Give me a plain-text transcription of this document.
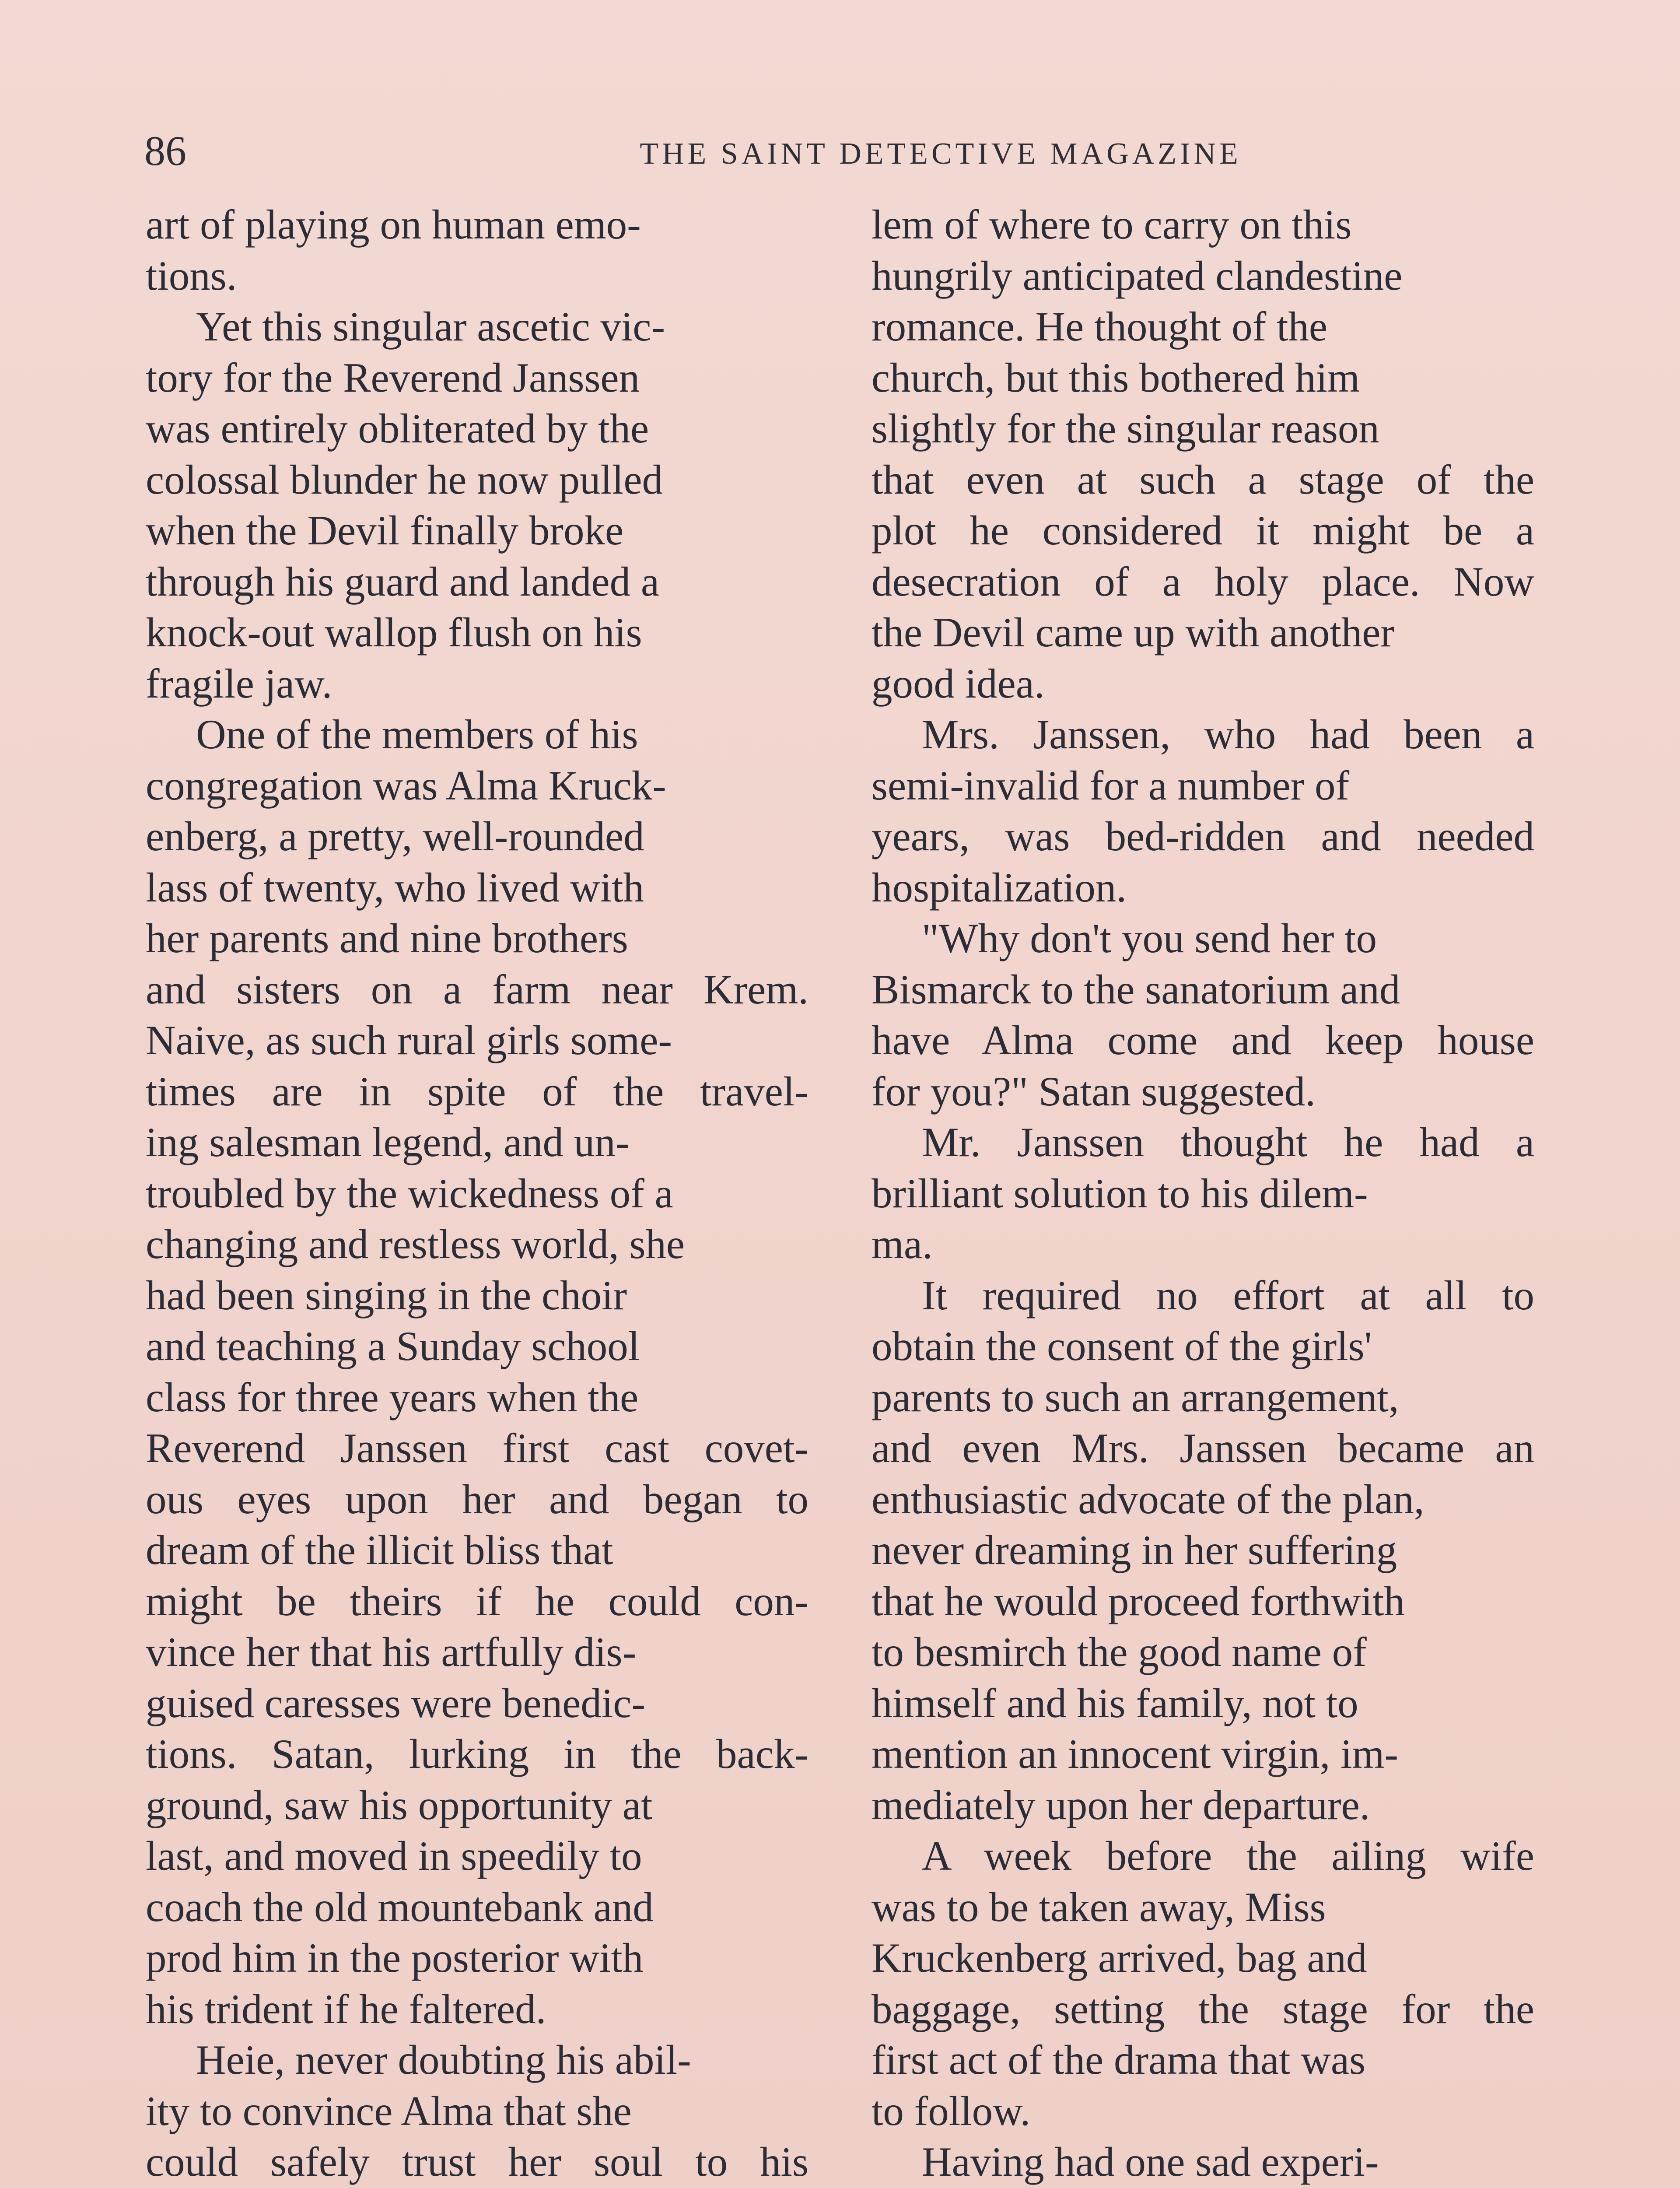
86	THE SAINT DETECTIVE MAGAZINE
art of playing on human emo-
tions.
Yet this singular ascetic vic-
tory for the Reverend Janssen
was entirely obliterated by the
colossal blunder he now pulled
when the Devil finally broke
through his guard and landed a
knock-out wallop flush on his
fragile jaw.
One of the members of his
congregation was Alma Kruck-
enberg, a pretty, well-rounded
lass of twenty, who lived with
her parents and nine brothers
and sisters on a farm near Krem.
Naive, as such rural girls some-
times are in spite of the travel-
ing salesman legend, and un-
troubled by the wickedness of a
changing and restless world, she
had been singing in the choir
and teaching a Sunday school
class for three years when the
Reverend Janssen first cast covet-
ous eyes upon her and began to
dream of the illicit bliss that
might be theirs if he could con-
vince her that his artfully dis-
guised caresses were benedic-
tions. Satan, lurking in the back-
ground, saw his opportunity at
last, and moved in speedily to
coach the old mountebank and
prod him in the posterior with
his trident if he faltered.
Heie, never doubting his abil-
ity to convince Alma that she
could safely trust her soul to his
lem of where to carry on this
hungrily anticipated clandestine
romance. He thought of the
church, but this bothered him
slightly for the singular reason
that even at such a stage of the
plot he considered it might be a
desecration of a holy place. Now
the Devil came up with another
good idea.
Mrs. Janssen, who had been a
semi-invalid for a number of
years, was bed-ridden and needed
hospitalization.
"Why don't you send her to
Bismarck to the sanatorium and
have Alma come and keep house
for you?" Satan suggested.
Mr. Janssen thought he had a
brilliant solution to his dilem-
ma.
It required no effort at all to
obtain the consent of the girls'
parents to such an arrangement,
and even Mrs. Janssen became an
enthusiastic advocate of the plan,
never dreaming in her suffering
that he would proceed forthwith
to besmirch the good name of
himself and his family, not to
mention an innocent virgin, im-
mediately upon her departure.
A week before the ailing wife
was to be taken away, Miss
Kruckenberg arrived, bag and
baggage, setting the stage for the
first act of the drama that was
to follow.
Having had one sad experi-
